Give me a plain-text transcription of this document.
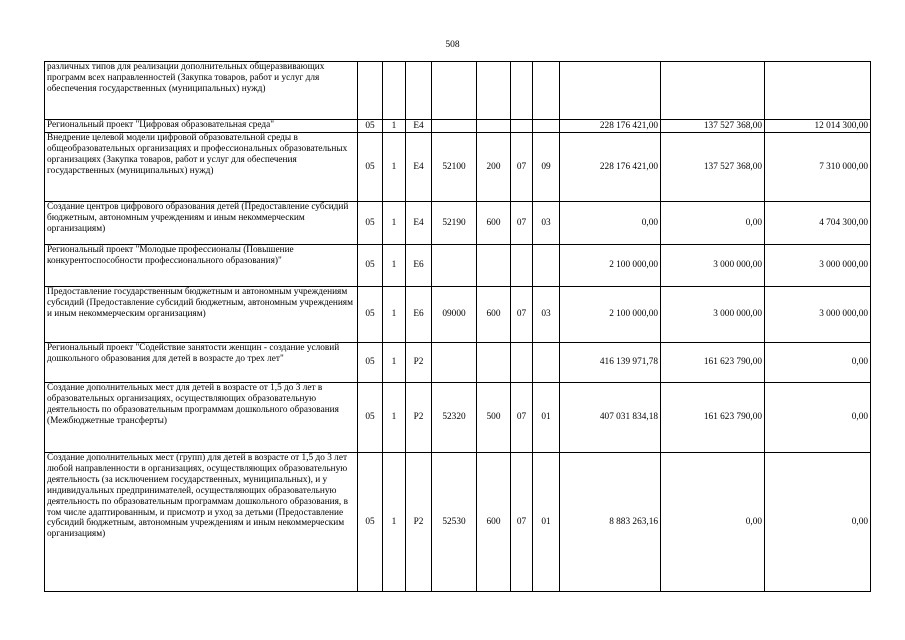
508
различных типов для реализации дополнительных общеразвивающих программ всех направленностей (Закупка товаров, работ и услуг для обеспечения государственных (муниципальных) нужд)										
Региональный проект "Цифровая образовательная среда"	05	1	E4					228 176 421,00	137 527 368,00	12 014 300,00
Внедрение целевой модели цифровой образовательной среды в общеобразовательных организациях и профессиональных образовательных организациях (Закупка товаров, работ и услуг для обеспечения государственных (муниципальных) нужд)	05	1	E4	52100	200	07	09	228 176 421,00	137 527 368,00	7 310 000,00
Создание центров цифрового образования детей (Предоставление субсидий бюджетным, автономным учреждениям и иным некоммерческим организациям)	05	1	E4	52190	600	07	03	0,00	0,00	4 704 300,00
Региональный проект "Молодые профессионалы (Повышение конкурентоспособности профессионального образования)"	05	1	E6					2 100 000,00	3 000 000,00	3 000 000,00
Предоставление государственным бюджетным и автономным учреждениям субсидий (Предоставление субсидий бюджетным, автономным учреждениям и иным некоммерческим организациям)	05	1	E6	09000	600	07	03	2 100 000,00	3 000 000,00	3 000 000,00
Региональный проект "Содействие занятости женщин - создание условий дошкольного образования для детей в возрасте до трех лет"	05	1	P2					416 139 971,78	161 623 790,00	0,00
Создание дополнительных мест для детей в возрасте от 1,5 до 3 лет в образовательных организациях, осуществляющих образовательную деятельность по образовательным программам дошкольного образования (Межбюджетные трансферты)	05	1	P2	52320	500	07	01	407 031 834,18	161 623 790,00	0,00
Создание дополнительных мест (групп) для детей в возрасте от 1,5 до 3 лет любой направленности в организациях, осуществляющих образовательную деятельность (за исключением государственных, муниципальных), и у индивидуальных предпринимателей, осуществляющих образовательную деятельность по образовательным программам дошкольного образования, в том числе адаптированным, и присмотр и уход за детьми (Предоставление субсидий бюджетным, автономным учреждениям и иным некоммерческим организациям)	05	1	P2	52530	600	07	01	8 883 263,16	0,00	0,00
